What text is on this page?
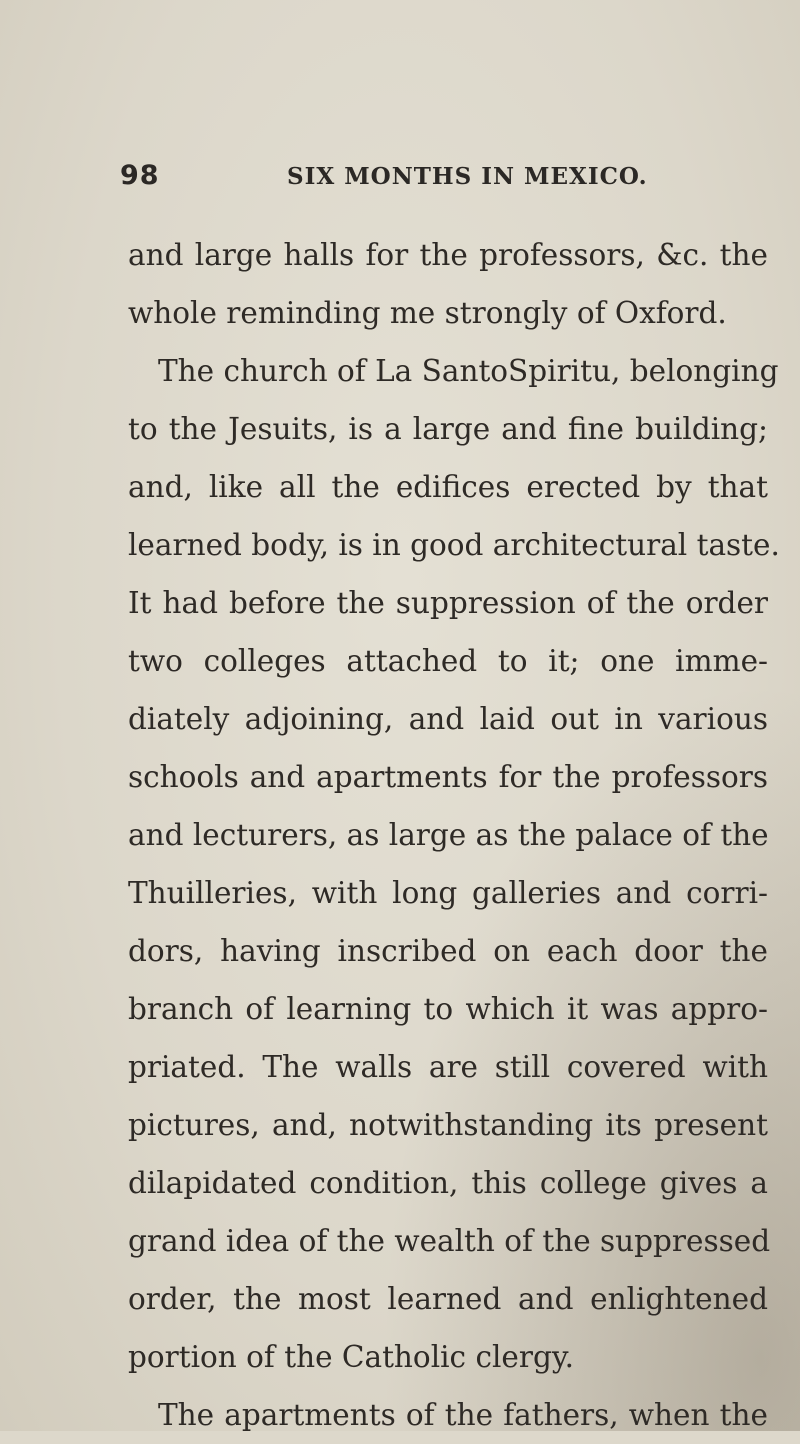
98	SIX MONTHS IN MEXICO.
and large halls for the professors, &c. the
whole reminding me strongly of Oxford.
The church of La SantoSpiritu, belonging
to the Jesuits, is a large and fine building;
and, like all the edifices erected by that
learned body, is in good architectural taste.
It had before the suppression of the order
two colleges attached to it; one imme-
diately adjoining, and laid out in various
schools and apartments for the professors
and lecturers, as large as the palace of the
Thuilleries, with long galleries and corri-
dors, having inscribed on each door the
branch of learning to which it was appro-
priated. The walls are still covered with
pictures, and, notwithstanding its present
dilapidated condition, this college gives a
grand idea of the wealth of the suppressed
order, the most learned and enlightened
portion of the Catholic clergy.
The apartments of the fathers, when the
